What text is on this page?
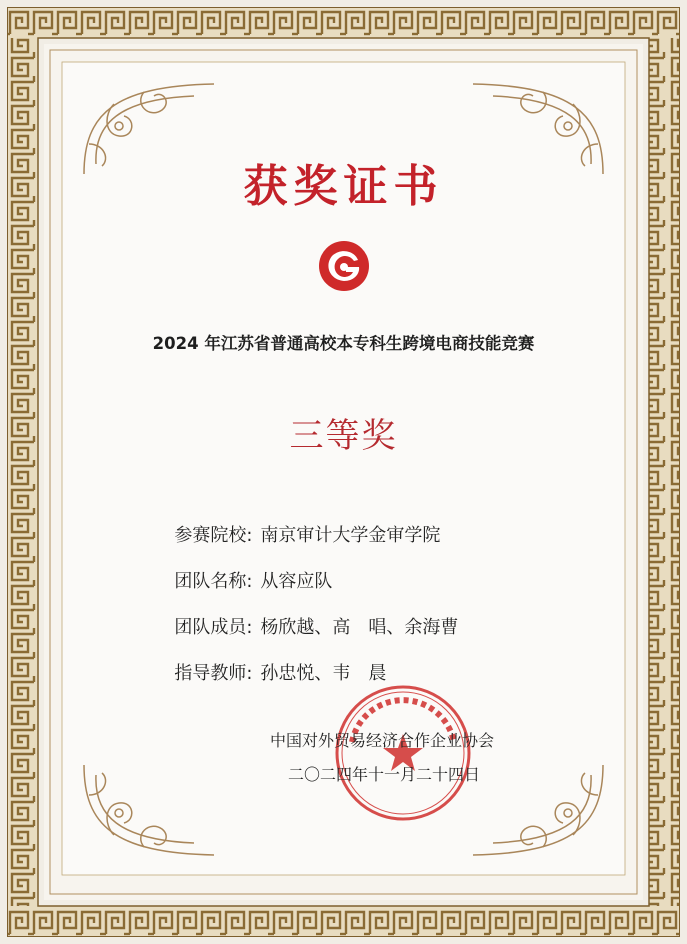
获奖证书
2024 年江苏省普通高校本专科生跨境电商技能竞赛
三等奖

参赛院校: 南京审计大学金审学院

团队名称: 从容应队

团队成员: 杨欣越、高　唱、余海曹

指导教师: 孙忠悦、韦　晨

中国对外贸易经济合作企业协会
二〇二四年十一月二十四日
